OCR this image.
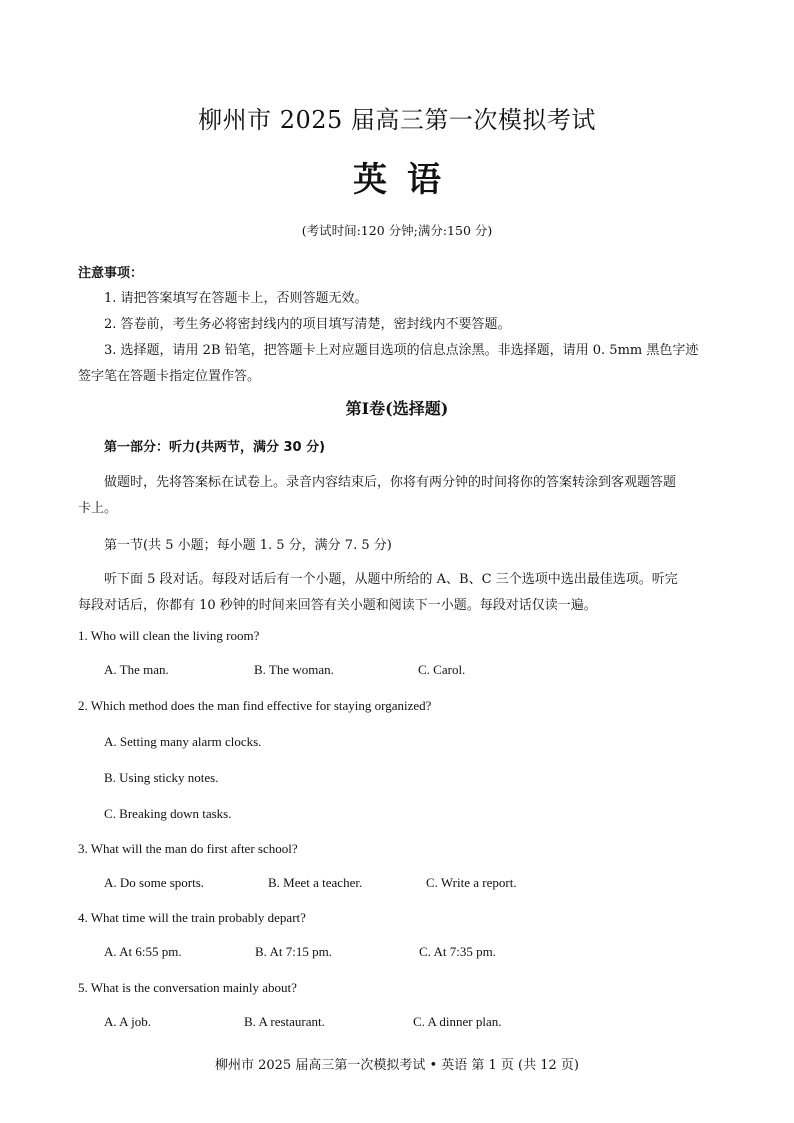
柳州市 2025 届高三第一次模拟考试
英语
(考试时间:120 分钟;满分:150 分)
注意事项：
1. 请把答案填写在答题卡上，否则答题无效。
2. 答卷前，考生务必将密封线内的项目填写清楚，密封线内不要答题。
3. 选择题，请用 2B 铅笔，把答题卡上对应题目选项的信息点涂黑。非选择题，请用 0. 5mm 黑色字迹
签字笔在答题卡指定位置作答。
第Ⅰ卷(选择题)
第一部分：听力(共两节，满分 30 分)
做题时，先将答案标在试卷上。录音内容结束后，你将有两分钟的时间将你的答案转涂到客观题答题
卡上。
第一节(共 5 小题；每小题 1. 5 分，满分 7. 5 分)
听下面 5 段对话。每段对话后有一个小题，从题中所给的 A、B、C 三个选项中选出最佳选项。听完
每段对话后，你都有 10 秒钟的时间来回答有关小题和阅读下一小题。每段对话仅读一遍。
1. Who will clean the living room?
A. The man.	B. The woman.	C. Carol.
2. Which method does the man find effective for staying organized?
A. Setting many alarm clocks.
B. Using sticky notes.
C. Breaking down tasks.
3. What will the man do first after school?
A. Do some sports.	B. Meet a teacher.	C. Write a report.
4. What time will the train probably depart?
A. At 6:55 pm.	B. At 7:15 pm.	C. At 7:35 pm.
5. What is the conversation mainly about?
A. A job.	B. A restaurant.	C. A dinner plan.
柳州市 2025 届高三第一次模拟考试 • 英语 第 1 页 (共 12 页)
